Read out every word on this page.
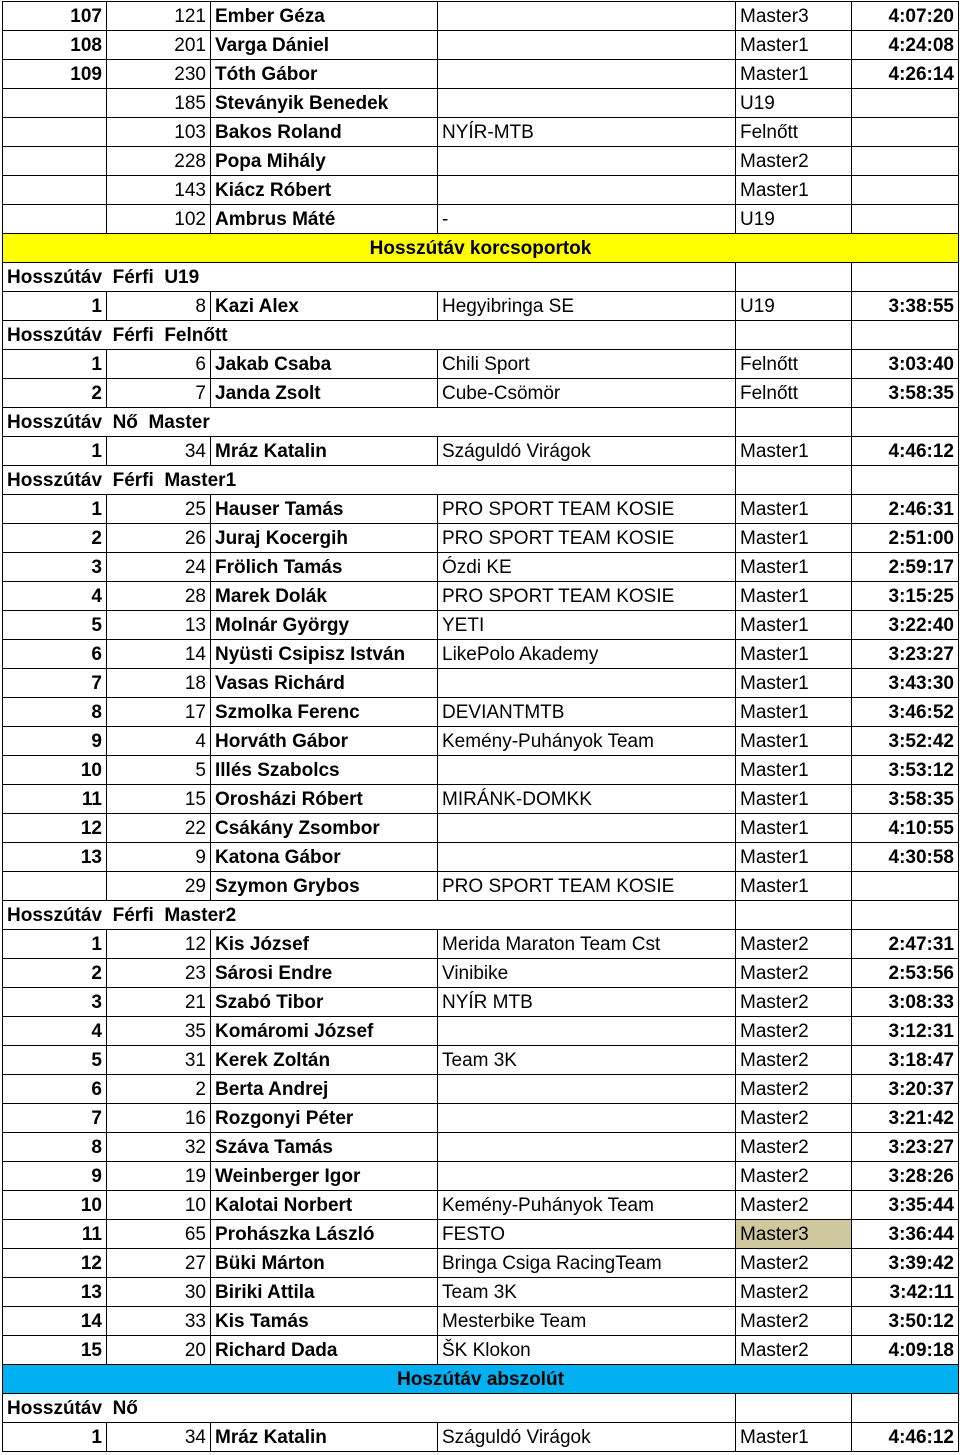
107	121	Ember Géza		Master3	4:07:20
108	201	Varga Dániel		Master1	4:24:08
109	230	Tóth Gábor		Master1	4:26:14
	185	Steványik Benedek		U19	
	103	Bakos Roland	NYÍR-MTB	Felnőtt	
	228	Popa Mihály		Master2	
	143	Kiácz Róbert		Master1	
	102	Ambrus Máté	-	U19	
Hosszútáv korcsoportok					
Hosszútáv  Férfi  U19					
1	8	Kazi Alex	Hegyibringa SE	U19	3:38:55
Hosszútáv  Férfi  Felnőtt					
1	6	Jakab Csaba	Chili Sport	Felnőtt	3:03:40
2	7	Janda Zsolt	Cube-Csömör	Felnőtt	3:58:35
Hosszútáv  Nő  Master					
1	34	Mráz Katalin	Száguldó Virágok	Master1	4:46:12
Hosszútáv  Férfi  Master1					
1	25	Hauser Tamás	PRO SPORT TEAM KOSIE	Master1	2:46:31
2	26	Juraj Kocergih	PRO SPORT TEAM KOSIE	Master1	2:51:00
3	24	Frölich Tamás	Ózdi KE	Master1	2:59:17
4	28	Marek Dolák	PRO SPORT TEAM KOSIE	Master1	3:15:25
5	13	Molnár György	YETI	Master1	3:22:40
6	14	Nyüsti Csipisz István	LikePolo Akademy	Master1	3:23:27
7	18	Vasas Richárd		Master1	3:43:30
8	17	Szmolka Ferenc	DEVIANTMTB	Master1	3:46:52
9	4	Horváth Gábor	Kemény-Puhányok Team	Master1	3:52:42
10	5	Illés Szabolcs		Master1	3:53:12
11	15	Orosházi Róbert	MIRÁNK-DOMKK	Master1	3:58:35
12	22	Csákány Zsombor		Master1	4:10:55
13	9	Katona Gábor		Master1	4:30:58
	29	Szymon Grybos	PRO SPORT TEAM KOSIE	Master1	
Hosszútáv  Férfi  Master2					
1	12	Kis József	Merida Maraton Team Cst	Master2	2:47:31
2	23	Sárosi Endre	Vinibike	Master2	2:53:56
3	21	Szabó Tibor	NYÍR MTB	Master2	3:08:33
4	35	Komáromi József		Master2	3:12:31
5	31	Kerek Zoltán	Team 3K	Master2	3:18:47
6	2	Berta Andrej		Master2	3:20:37
7	16	Rozgonyi Péter		Master2	3:21:42
8	32	Száva Tamás		Master2	3:23:27
9	19	Weinberger Igor		Master2	3:28:26
10	10	Kalotai Norbert	Kemény-Puhányok Team	Master2	3:35:44
11	65	Prohászka László	FESTO	Master3	3:36:44
12	27	Büki Márton	Bringa Csiga RacingTeam	Master2	3:39:42
13	30	Biriki Attila	Team 3K	Master2	3:42:11
14	33	Kis Tamás	Mesterbike Team	Master2	3:50:12
15	20	Richard Dada	ŠK Klokon	Master2	4:09:18
Hoszútáv abszolút					
Hosszútáv  Nő					
1	34	Mráz Katalin	Száguldó Virágok	Master1	4:46:12
